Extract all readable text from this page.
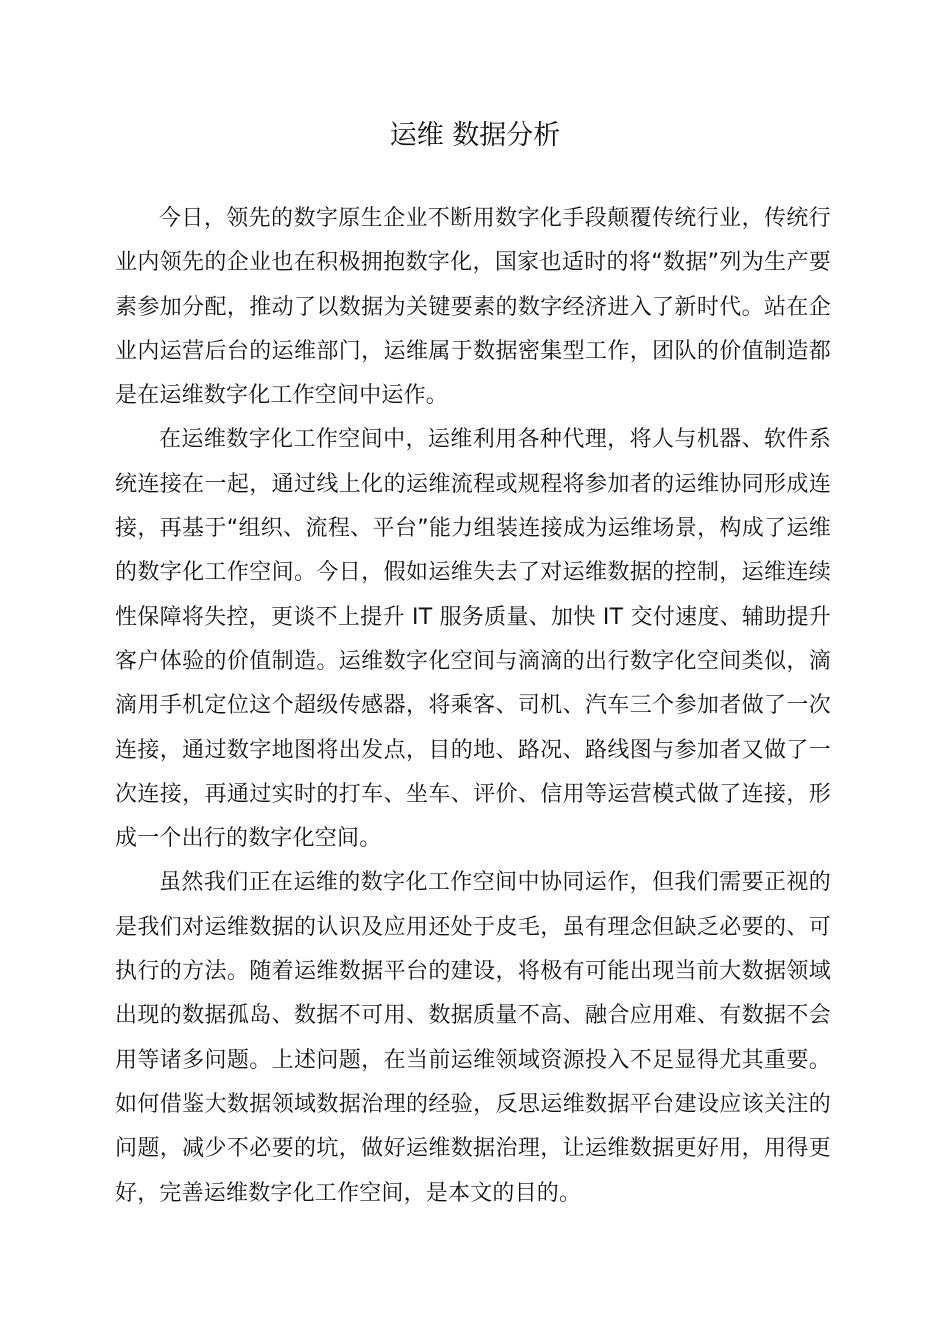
运维 数据分析

今日，领先的数字原生企业不断用数字化手段颠覆传统行业，传统行业内领先的企业也在积极拥抱数字化，国家也适时的将“数据”列为生产要素参加分配，推动了以数据为关键要素的数字经济进入了新时代。站在企业内运营后台的运维部门，运维属于数据密集型工作，团队的价值制造都是在运维数字化工作空间中运作。

在运维数字化工作空间中，运维利用各种代理，将人与机器、软件系统连接在一起，通过线上化的运维流程或规程将参加者的运维协同形成连接，再基于“组织、流程、平台”能力组装连接成为运维场景，构成了运维的数字化工作空间。今日，假如运维失去了对运维数据的控制，运维连续性保障将失控，更谈不上提升 IT 服务质量、加快 IT 交付速度、辅助提升客户体验的价值制造。运维数字化空间与滴滴的出行数字化空间类似，滴滴用手机定位这个超级传感器，将乘客、司机、汽车三个参加者做了一次连接，通过数字地图将出发点，目的地、路况、路线图与参加者又做了一次连接，再通过实时的打车、坐车、评价、信用等运营模式做了连接，形成一个出行的数字化空间。

虽然我们正在运维的数字化工作空间中协同运作，但我们需要正视的是我们对运维数据的认识及应用还处于皮毛，虽有理念但缺乏必要的、可执行的方法。随着运维数据平台的建设，将极有可能出现当前大数据领域出现的数据孤岛、数据不可用、数据质量不高、融合应用难、有数据不会用等诸多问题。上述问题，在当前运维领域资源投入不足显得尤其重要。如何借鉴大数据领域数据治理的经验，反思运维数据平台建设应该关注的问题，减少不必要的坑，做好运维数据治理，让运维数据更好用，用得更好，完善运维数字化工作空间，是本文的目的。
